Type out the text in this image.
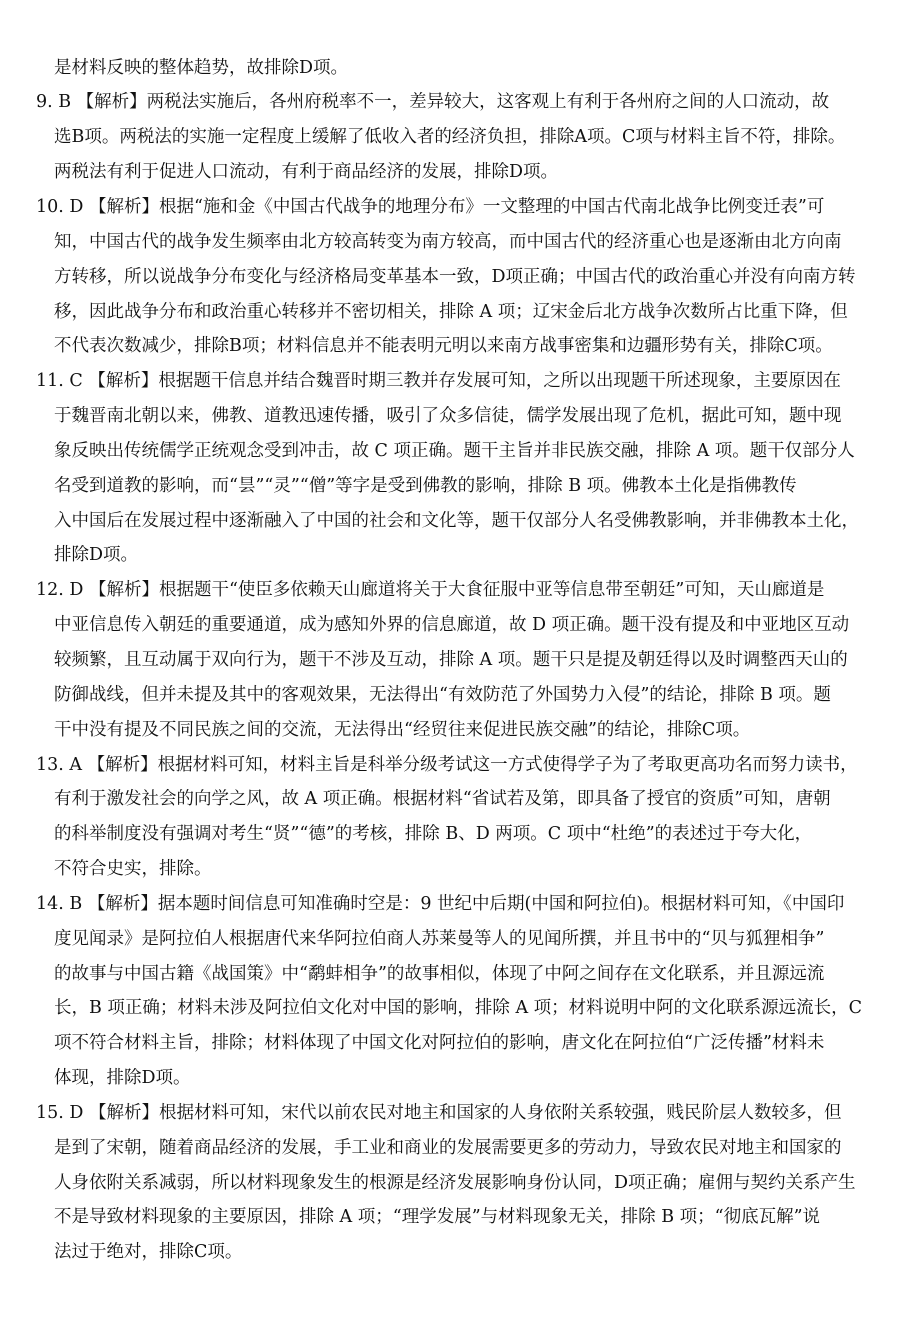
是材料反映的整体趋势，故排除D项。
9. B 【解析】两税法实施后，各州府税率不一，差异较大，这客观上有利于各州府之间的人口流动，故
选B项。两税法的实施一定程度上缓解了低收入者的经济负担，排除A项。C项与材料主旨不符，排除。
两税法有利于促进人口流动，有利于商品经济的发展，排除D项。
10. D 【解析】根据“施和金《中国古代战争的地理分布》一文整理的中国古代南北战争比例变迁表”可
知，中国古代的战争发生频率由北方较高转变为南方较高，而中国古代的经济重心也是逐渐由北方向南
方转移，所以说战争分布变化与经济格局变革基本一致，D项正确；中国古代的政治重心并没有向南方转
移，因此战争分布和政治重心转移并不密切相关，排除 A 项；辽宋金后北方战争次数所占比重下降，但
不代表次数减少，排除B项；材料信息并不能表明元明以来南方战事密集和边疆形势有关，排除C项。
11. C 【解析】根据题干信息并结合魏晋时期三教并存发展可知，之所以出现题干所述现象，主要原因在
于魏晋南北朝以来，佛教、道教迅速传播，吸引了众多信徒，儒学发展出现了危机，据此可知，题中现
象反映出传统儒学正统观念受到冲击，故 C 项正确。题干主旨并非民族交融，排除 A 项。题干仅部分人
名受到道教的影响，而“昙”“灵”“僧”等字是受到佛教的影响，排除 B 项。佛教本土化是指佛教传
入中国后在发展过程中逐渐融入了中国的社会和文化等，题干仅部分人名受佛教影响，并非佛教本土化，
排除D项。
12. D 【解析】根据题干“使臣多依赖天山廊道将关于大食征服中亚等信息带至朝廷”可知，天山廊道是
中亚信息传入朝廷的重要通道，成为感知外界的信息廊道，故 D 项正确。题干没有提及和中亚地区互动
较频繁，且互动属于双向行为，题干不涉及互动，排除 A 项。题干只是提及朝廷得以及时调整西天山的
防御战线，但并未提及其中的客观效果，无法得出“有效防范了外国势力入侵”的结论，排除 B 项。题
干中没有提及不同民族之间的交流，无法得出“经贸往来促进民族交融”的结论，排除C项。
13. A 【解析】根据材料可知，材料主旨是科举分级考试这一方式使得学子为了考取更高功名而努力读书，
有利于激发社会的向学之风，故 A 项正确。根据材料“省试若及第，即具备了授官的资质”可知，唐朝
的科举制度没有强调对考生“贤”“德”的考核，排除 B、D 两项。C 项中“杜绝”的表述过于夸大化，
不符合史实，排除。
14. B 【解析】据本题时间信息可知准确时空是：9 世纪中后期(中国和阿拉伯)。根据材料可知，《中国印
度见闻录》是阿拉伯人根据唐代来华阿拉伯商人苏莱曼等人的见闻所撰，并且书中的“贝与狐狸相争”
的故事与中国古籍《战国策》中“鹬蚌相争”的故事相似，体现了中阿之间存在文化联系，并且源远流
长，B 项正确；材料未涉及阿拉伯文化对中国的影响，排除 A 项；材料说明中阿的文化联系源远流长，C
项不符合材料主旨，排除；材料体现了中国文化对阿拉伯的影响，唐文化在阿拉伯“广泛传播”材料未
体现，排除D项。
15. D 【解析】根据材料可知，宋代以前农民对地主和国家的人身依附关系较强，贱民阶层人数较多，但
是到了宋朝，随着商品经济的发展，手工业和商业的发展需要更多的劳动力，导致农民对地主和国家的
人身依附关系减弱，所以材料现象发生的根源是经济发展影响身份认同，D项正确；雇佣与契约关系产生
不是导致材料现象的主要原因，排除 A 项；“理学发展”与材料现象无关，排除 B 项；“彻底瓦解”说
法过于绝对，排除C项。
